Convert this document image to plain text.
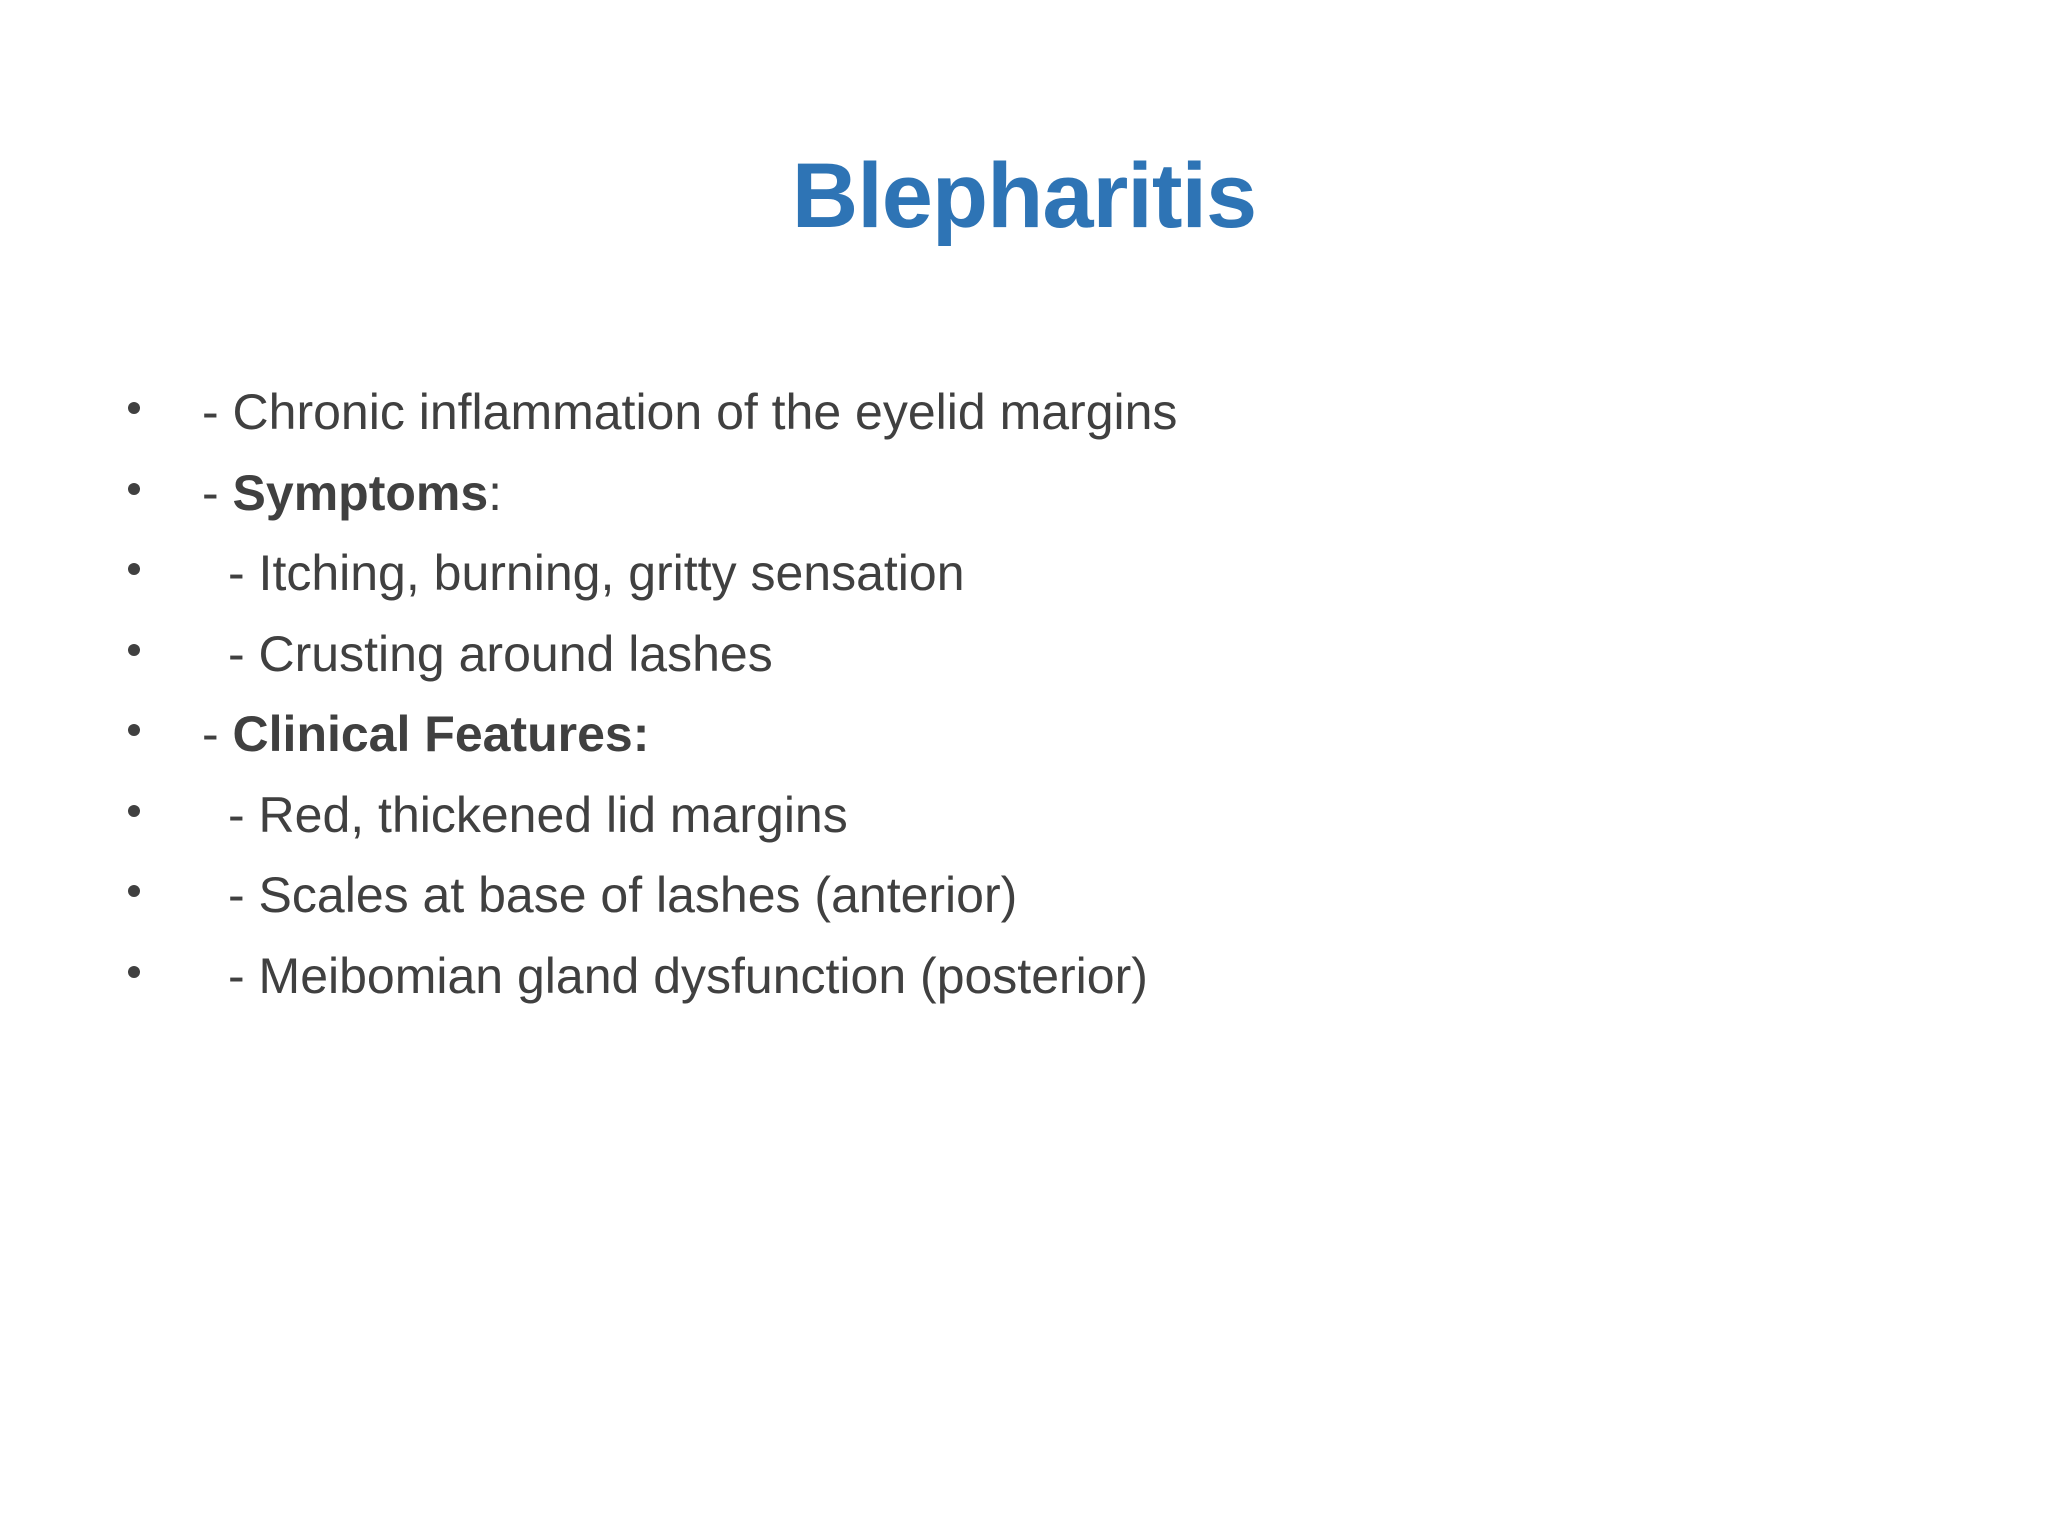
Blepharitis
- Chronic inflammation of the eyelid margins
- Symptoms:
- Itching, burning, gritty sensation
- Crusting around lashes
- Clinical Features:
- Red, thickened lid margins
- Scales at base of lashes (anterior)
- Meibomian gland dysfunction (posterior)
